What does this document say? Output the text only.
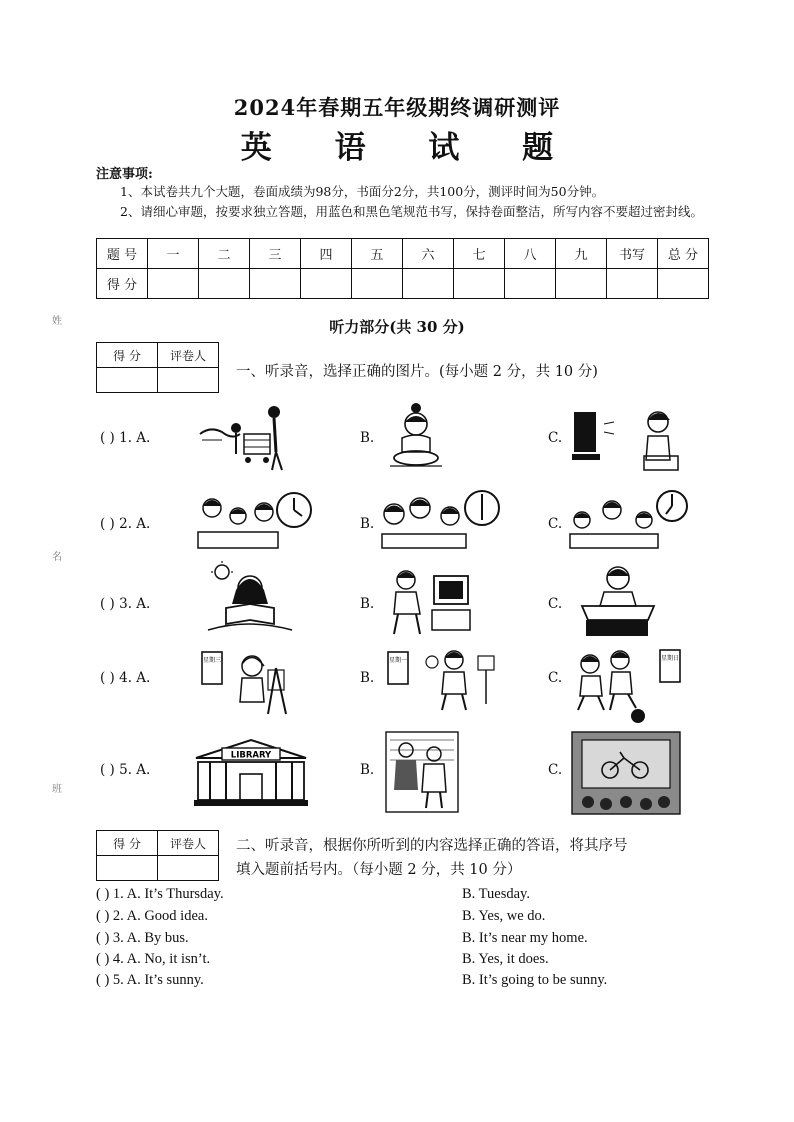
2024年春期五年级期终调研测评
英 语 试 题
注意事项:
1、本试卷共九个大题，卷面成绩为98分，书面分2分，共100分，测评时间为50分钟。
2、请细心审题，按要求独立答题，用蓝色和黑色笔规范书写，保持卷面整洁，所写内容不要超过密封线。
题 号	一	二	三	四	五	六	七	八	九	书写	总 分
得 分											
听力部分(共 30 分)
得 分	评卷人

一、听录音，选择正确的图片。(每小题 2 分，共 10 分)
( ) 1. A.	B.	C.
( ) 2. A.	B.	C.
( ) 3. A.	B.	C.
( ) 4. A.
星期三
B.
星期一
C.
星期日
( ) 5. A.
LIBRARY
B.	C.
得 分	评卷人
	二、听录音，根据你所听到的内容选择正确的答语，将其序号
填入题前括号内。（每小题 2 分，共 10 分）
( ) 1. A. It’s Thursday.	B. Tuesday.
( ) 2. A. Good idea.	B. Yes, we do.
( ) 3. A. By bus.	B. It’s near my home.
( ) 4. A. No, it isn’t.	B. Yes, it does.
( ) 5. A. It’s sunny.	B. It’s going to be sunny.
姓
名
班
